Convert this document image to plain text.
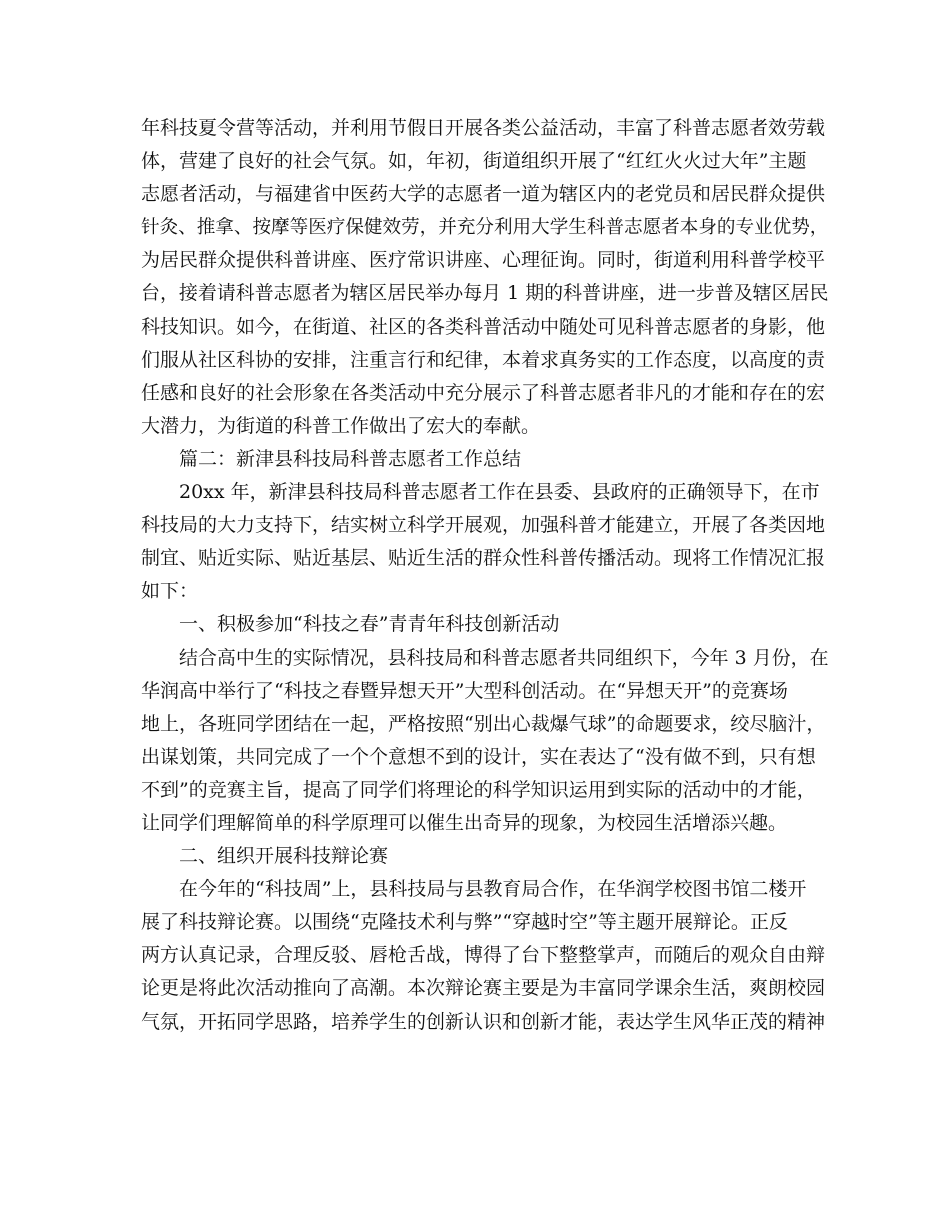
年科技夏令营等活动，并利用节假日开展各类公益活动，丰富了科普志愿者效劳载
体，营建了良好的社会气氛。如，年初，街道组织开展了“红红火火过大年”主题
志愿者活动，与福建省中医药大学的志愿者一道为辖区内的老党员和居民群众提供
针灸、推拿、按摩等医疗保健效劳，并充分利用大学生科普志愿者本身的专业优势，
为居民群众提供科普讲座、医疗常识讲座、心理征询。同时，街道利用科普学校平
台，接着请科普志愿者为辖区居民举办每月 1 期的科普讲座，进一步普及辖区居民
科技知识。如今，在街道、社区的各类科普活动中随处可见科普志愿者的身影，他
们服从社区科协的安排，注重言行和纪律，本着求真务实的工作态度，以高度的责
任感和良好的社会形象在各类活动中充分展示了科普志愿者非凡的才能和存在的宏
大潜力，为街道的科普工作做出了宏大的奉献。
篇二：新津县科技局科普志愿者工作总结
20xx 年，新津县科技局科普志愿者工作在县委、县政府的正确领导下，在市
科技局的大力支持下，结实树立科学开展观，加强科普才能建立，开展了各类因地
制宜、贴近实际、贴近基层、贴近生活的群众性科普传播活动。现将工作情况汇报
如下：
一、积极参加“科技之春”青青年科技创新活动
结合高中生的实际情况，县科技局和科普志愿者共同组织下，今年 3 月份，在
华润高中举行了“科技之春暨异想天开”大型科创活动。在“异想天开”的竞赛场
地上，各班同学团结在一起，严格按照“别出心裁爆气球”的命题要求，绞尽脑汁，
出谋划策，共同完成了一个个意想不到的设计，实在表达了“没有做不到，只有想
不到”的竞赛主旨，提高了同学们将理论的科学知识运用到实际的活动中的才能，
让同学们理解简单的科学原理可以催生出奇异的现象，为校园生活增添兴趣。
二、组织开展科技辩论赛
在今年的“科技周”上，县科技局与县教育局合作，在华润学校图书馆二楼开
展了科技辩论赛。以围绕“克隆技术利与弊”“穿越时空”等主题开展辩论。正反
两方认真记录，合理反驳、唇枪舌战，博得了台下整整掌声，而随后的观众自由辩
论更是将此次活动推向了高潮。本次辩论赛主要是为丰富同学课余生活，爽朗校园
气氛，开拓同学思路，培养学生的创新认识和创新才能，表达学生风华正茂的精神
